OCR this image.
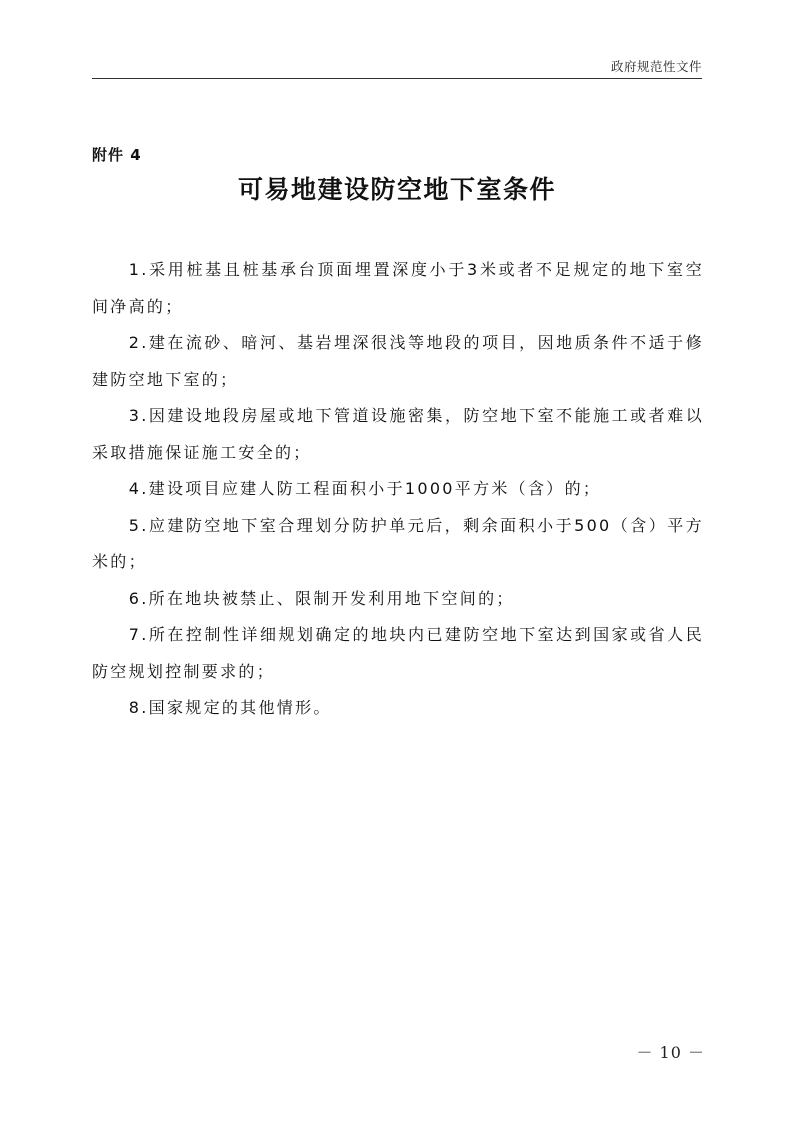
政府规范性文件
附件 4
可易地建设防空地下室条件

1.采用桩基且桩基承台顶面埋置深度小于3米或者不足规定的地下室空间净高的；

2.建在流砂、暗河、基岩埋深很浅等地段的项目，因地质条件不适于修建防空地下室的；

3.因建设地段房屋或地下管道设施密集，防空地下室不能施工或者难以采取措施保证施工安全的；

4.建设项目应建人防工程面积小于1000平方米（含）的；

5.应建防空地下室合理划分防护单元后，剩余面积小于500（含）平方米的；

6.所在地块被禁止、限制开发利用地下空间的；

7.所在控制性详细规划确定的地块内已建防空地下室达到国家或省人民防空规划控制要求的；

8.国家规定的其他情形。

－ 10 －
